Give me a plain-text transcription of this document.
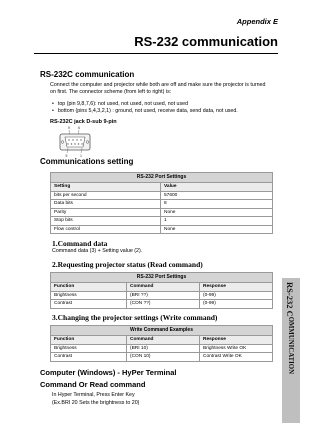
Appendix E
RS-232 communication
RS-232C communication
Connect the computer and projector while both are off and make sure the projector is turned on first. The connector scheme (from left to right) is:
• top (pin 9,8,7,6): not used, not used, not used, not used
• bottom (pins 5,4,3,2,1) : ground, not used, receive data, send data, not used.
RS-232C jack D-sub 9-pin
9 6
5	1
Communications setting
RS-232 Port Settings
Setting	Value
bits per second	57600
Data bits	8
Parity	None
Stop bits	1
Flow control	None
1.Command data
Command data (3) + Setting value (2).
2.Requesting projector status (Read command)
RS-232 Port Settings
Function	Command	Response
Brightness	(BRI ??)	(0-99)
Contrast	(CON ??)	(0-99)
3.Changing the projector settings (Write command)
Write Command Examples
Function	Command	Response
Brightness	(BRI 10)	Brightness Write OK
Contrast	(CON 10)	Contrast Write OK
Computer (Windows) - HyPer Terminal
Command Or Read command
In Hyper Terminal, Press Enter Key
(Ex.BRI 20 Sets the brightness to 20)
RS-232 COMMUNICATION
